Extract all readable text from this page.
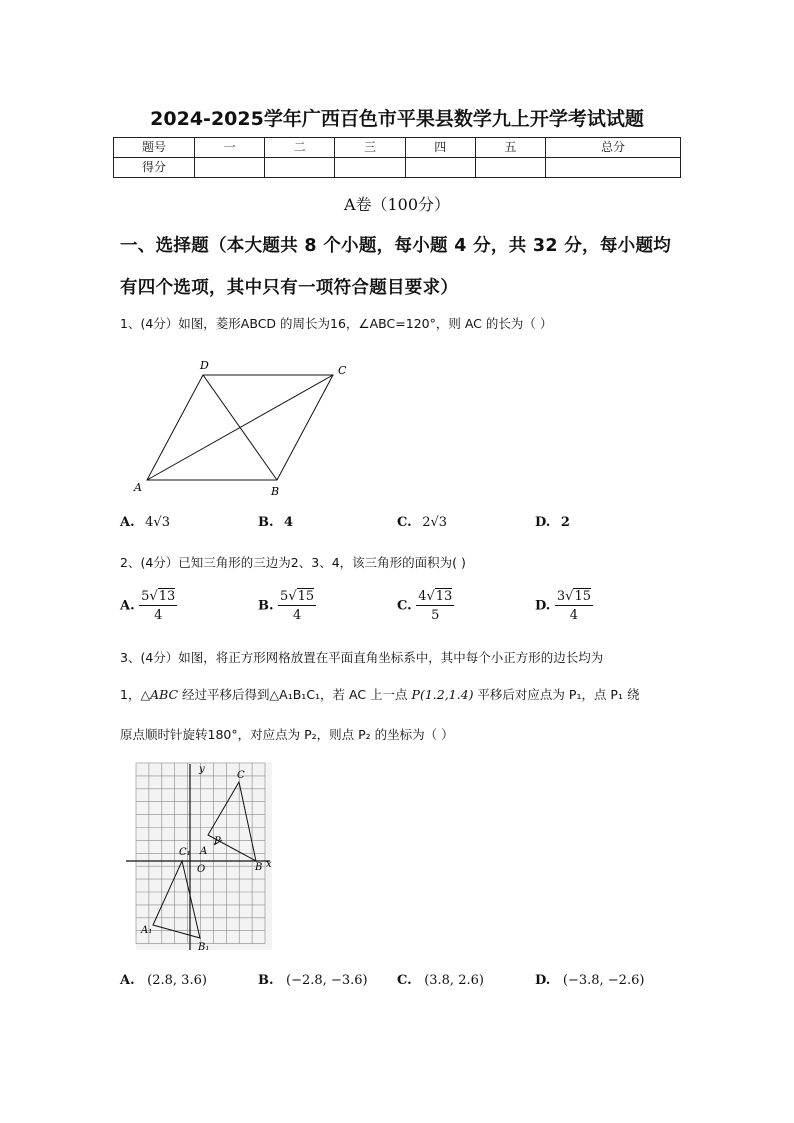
2024-2025学年广西百色市平果县数学九上开学考试试题
题号	一	二	三	四	五	总分
得分						
A卷（100分）
一、选择题（本大题共 8 个小题，每小题 4 分，共 32 分，每小题均
有四个选项，其中只有一项符合题目要求）
1、(4分）如图，菱形ABCD 的周长为16，∠ABC=120°，则 AC 的长为（ ）
A	B
C
D
A. 4√3	B. 4	C. 2√3	D. 2
2、(4分）已知三角形的三边为2、3、4，该三角形的面积为( )
A. $\frac{5√13}{4}$	B. $\frac{5√15}{4}$	C. $\frac{4√13}{5}$	D. $\frac{3√15}{4}$
3、(4分）如图，将正方形网格放置在平面直角坐标系中，其中每个小正方形的边长均为
1，△ABC 经过平移后得到△A₁B₁C₁，若 AC 上一点 P(1.2,1.4) 平移后对应点为 P₁，点 P₁ 绕
原点顺时针旋转180°，对应点为 P₂，则点 P₂ 的坐标为（ ）
y
x
C
A
P
B
O
C₁
A₁
B₁
A. (2.8, 3.6)	B. (−2.8, −3.6) C. (3.8, 2.6)	D. (−3.8, −2.6)
